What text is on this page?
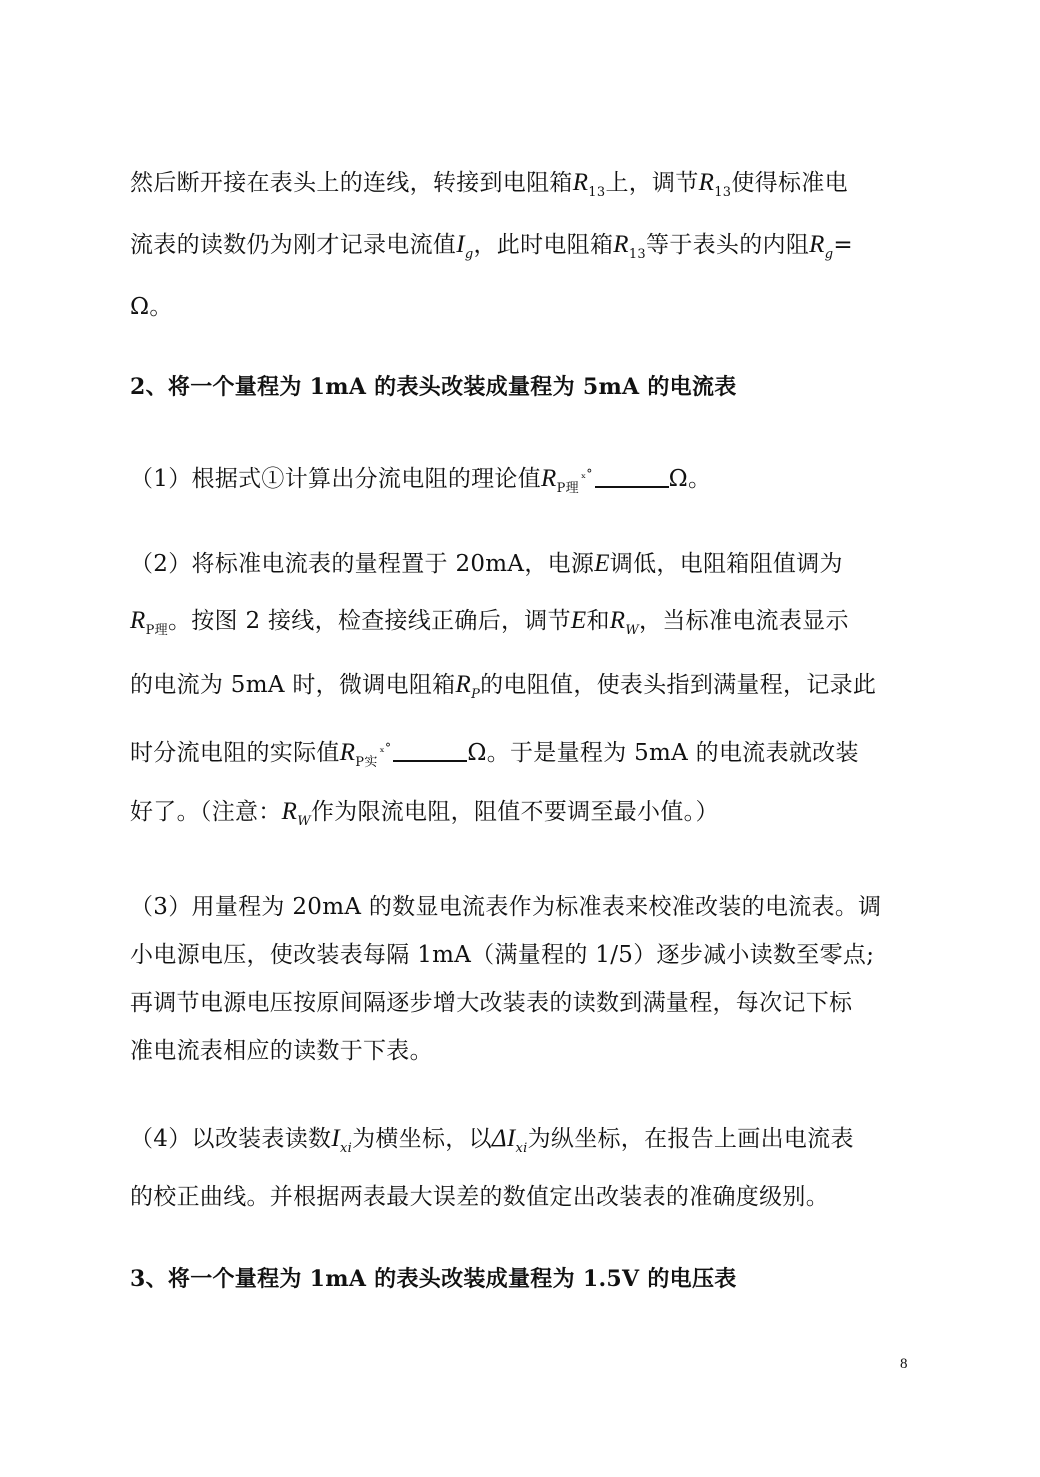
然后断开接在表头上的连线，转接到电阻箱$R_{13}$上，调节$R_{13}$使得标准电
流表的读数仍为刚才记录电流值$I_g$，此时电阻箱$R_{13}$等于表头的内阻$R_g=$
Ω。
2、将一个量程为 1mA 的表头改装成量程为 5mA 的电流表
（1）根据式①计算出分流电阻的理论值$R_{P理}^{_x^\circ}$	Ω。
（2）将标准电流表的量程置于 20mA，电源E调低，电阻箱阻值调为
$R_{P理}$。按图 2 接线，检查接线正确后，调节E和$R_W$，当标准电流表显示
的电流为 5mA 时，微调电阻箱$R_P$的电阻值，使表头指到满量程，记录此
时分流电阻的实际值$R_{P实}^{_x^\circ}$	Ω。于是量程为 5mA 的电流表就改装
好了。（注意：$R_W$作为限流电阻，阻值不要调至最小值。）
（3）用量程为 20mA 的数显电流表作为标准表来校准改装的电流表。调
小电源电压，使改装表每隔 1mA（满量程的 1/5）逐步减小读数至零点;
再调节电源电压按原间隔逐步增大改装表的读数到满量程，每次记下标
准电流表相应的读数于下表。
（4）以改装表读数$I_{xi}$为横坐标，以$\Delta I_{xi}$为纵坐标，在报告上画出电流表
的校正曲线。并根据两表最大误差的数值定出改装表的准确度级别。
3、将一个量程为 1mA 的表头改装成量程为 1.5V 的电压表
8
